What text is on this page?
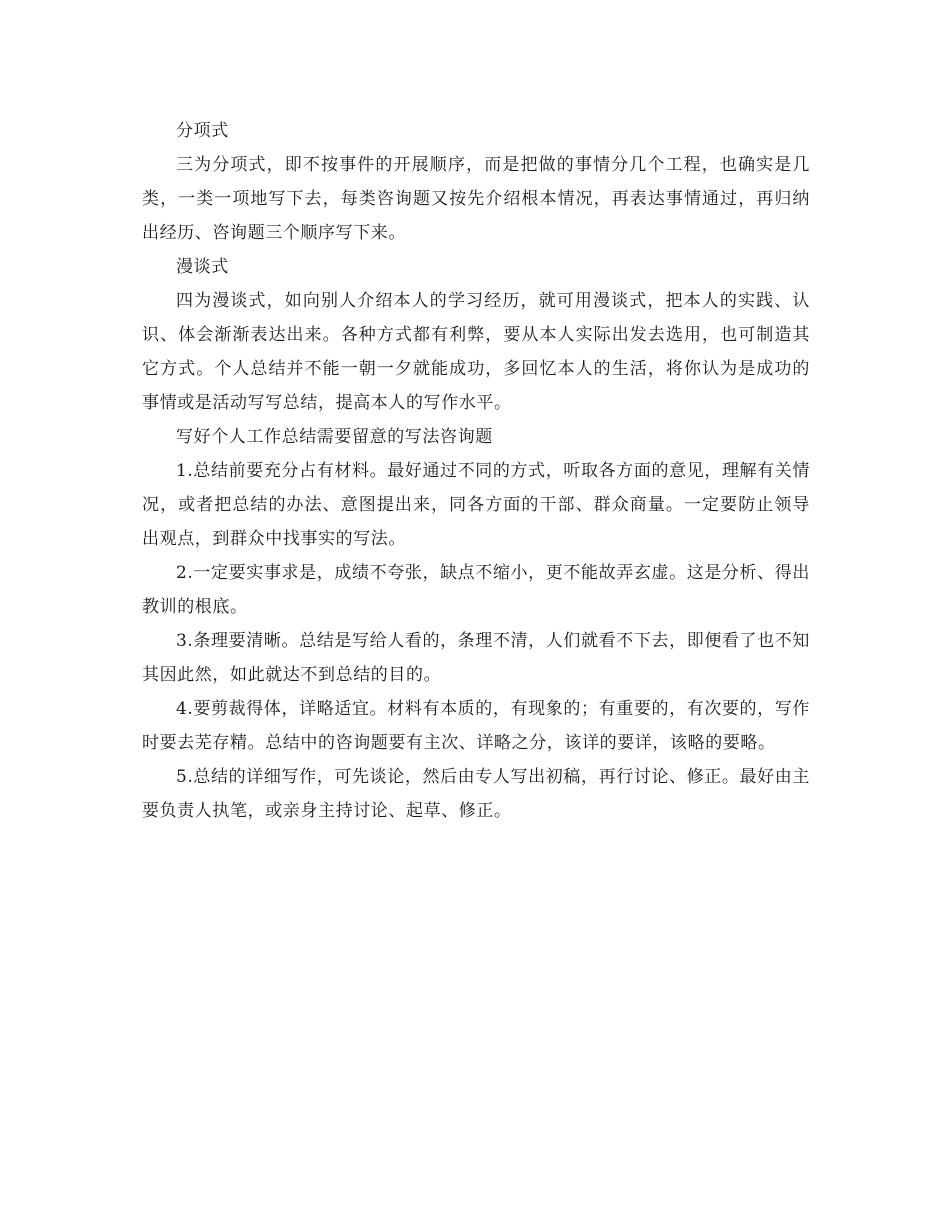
分项式

三为分项式，即不按事件的开展顺序，而是把做的事情分几个工程，也确实是几类，一类一项地写下去，每类咨询题又按先介绍根本情况，再表达事情通过，再归纳出经历、咨询题三个顺序写下来。

漫谈式

四为漫谈式，如向别人介绍本人的学习经历，就可用漫谈式，把本人的实践、认识、体会渐渐表达出来。各种方式都有利弊，要从本人实际出发去选用，也可制造其它方式。个人总结并不能一朝一夕就能成功，多回忆本人的生活，将你认为是成功的事情或是活动写写总结，提高本人的写作水平。

写好个人工作总结需要留意的写法咨询题

1.总结前要充分占有材料。最好通过不同的方式，听取各方面的意见，理解有关情况，或者把总结的办法、意图提出来，同各方面的干部、群众商量。一定要防止领导出观点，到群众中找事实的写法。

2.一定要实事求是，成绩不夸张，缺点不缩小，更不能故弄玄虚。这是分析、得出教训的根底。

3.条理要清晰。总结是写给人看的，条理不清，人们就看不下去，即便看了也不知其因此然，如此就达不到总结的目的。

4.要剪裁得体，详略适宜。材料有本质的，有现象的；有重要的，有次要的，写作时要去芜存精。总结中的咨询题要有主次、详略之分，该详的要详，该略的要略。

5.总结的详细写作，可先谈论，然后由专人写出初稿，再行讨论、修正。最好由主要负责人执笔，或亲身主持讨论、起草、修正。
